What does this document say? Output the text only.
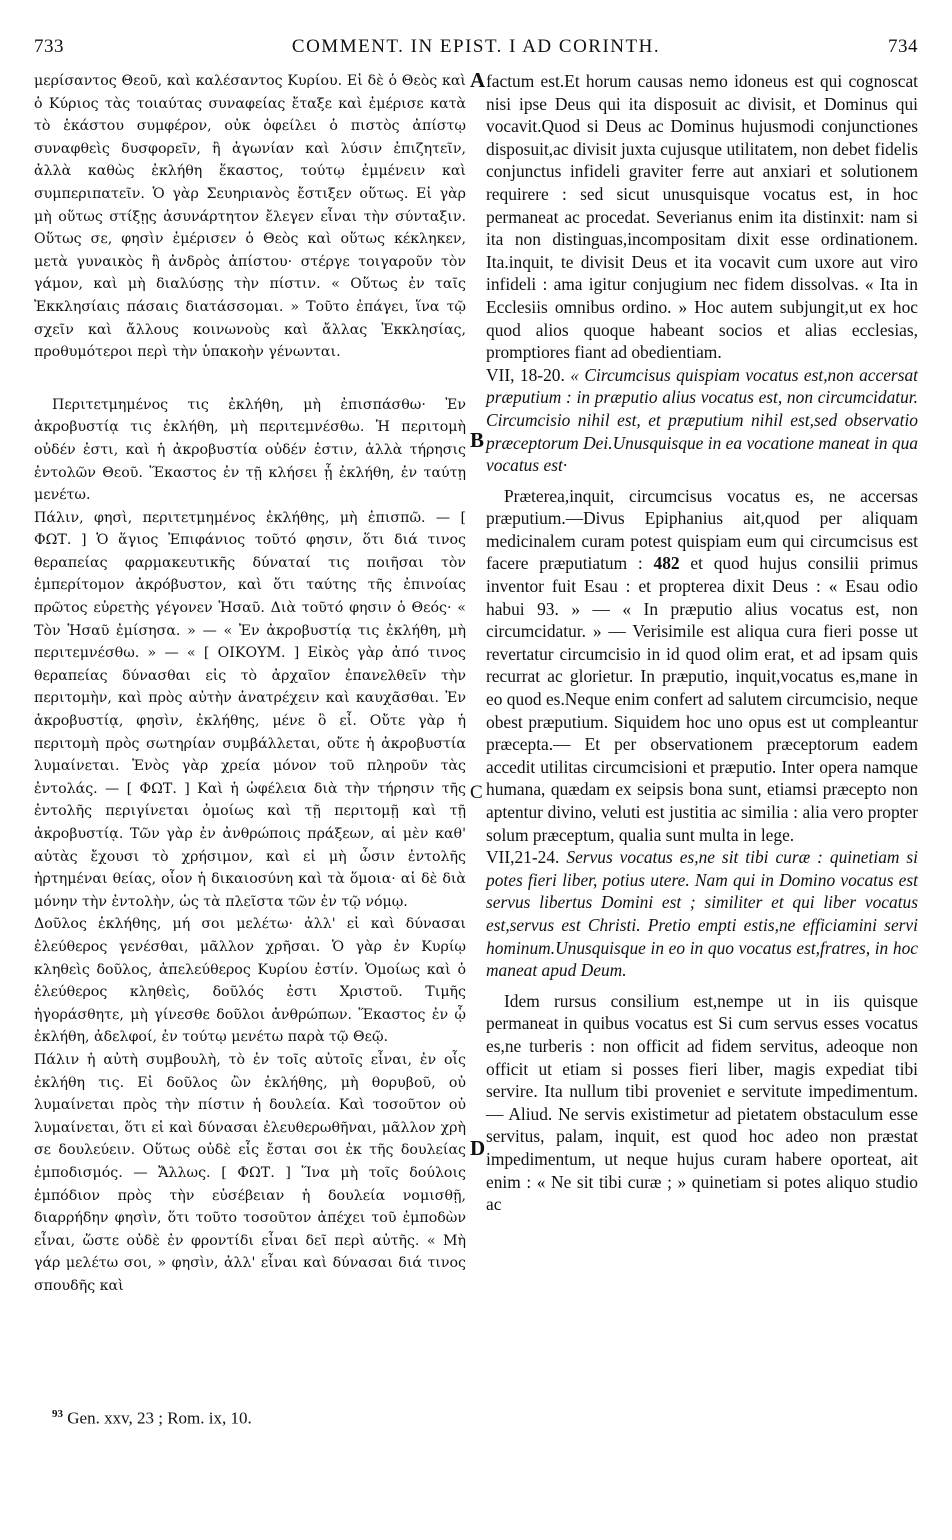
733	COMMENT. IN EPIST. I AD CORINTH.	734
A
B
C
D

μερίσαντος Θεοῦ, καὶ καλέσαντος Κυρίου. Εἰ δὲ ὁ Θεὸς καὶ ὁ Κύριος τὰς τοιαύτας συναφείας ἔταξε καὶ ἐμέρισε κατὰ τὸ ἑκάστου συμφέρον, οὐκ ὀφείλει ὁ πιστὸς ἀπίστῳ συναφθεὶς δυσφορεῖν, ἢ ἀγωνίαν καὶ λύσιν ἐπιζητεῖν, ἀλλὰ καθὼς ἐκλήθη ἕκαστος, τούτῳ ἐμμένειν καὶ συμπεριπατεῖν. Ὁ γὰρ Σευηριανὸς ἔστιξεν οὕτως. Εἰ γὰρ μὴ οὕτως στίξῃς ἀσυνάρτητον ἔλεγεν εἶναι τὴν σύνταξιν. Οὕτως σε, φησὶν ἐμέρισεν ὁ Θεὸς καὶ οὕτως κέκληκεν, μετὰ γυναικὸς ἢ ἀνδρὸς ἀπίστου· στέργε τοιγαροῦν τὸν γάμον, καὶ μὴ διαλύσῃς τὴν πίστιν. « Οὕτως ἐν ταῖς Ἐκκλησίαις πάσαις διατάσσομαι. » Τοῦτο ἐπάγει, ἵνα τῷ σχεῖν καὶ ἄλλους κοινωνοὺς καὶ ἄλλας Ἐκκλησίας, προθυμότεροι περὶ τὴν ὑπακοὴν γένωνται.

Περιτετμημένος τις ἐκλήθη, μὴ ἐπισπάσθω· Ἐν ἀκροβυστίᾳ τις ἐκλήθη, μὴ περιτεμνέσθω. Ἡ περιτομὴ οὐδέν ἐστι, καὶ ἡ ἀκροβυστία οὐδέν ἐστιν, ἀλλὰ τήρησις ἐντολῶν Θεοῦ. Ἕκαστος ἐν τῇ κλήσει ᾗ ἐκλήθη, ἐν ταύτῃ μενέτω.

Πάλιν, φησὶ, περιτετμημένος ἐκλήθης, μὴ ἐπισπῶ. — [ ΦΩΤ. ] Ὁ ἅγιος Ἐπιφάνιος τοῦτό φησιν, ὅτι διά τινος θεραπείας φαρμακευτικῆς δύναταί τις ποιῆσαι τὸν ἐμπερίτομον ἀκρόβυστον, καὶ ὅτι ταύτης τῆς ἐπινοίας πρῶτος εὑρετὴς γέγονεν Ἡσαῦ. Διὰ τοῦτό φησιν ὁ Θεός· « Τὸν Ἡσαῦ ἐμίσησα. » — « Ἐν ἀκροβυστίᾳ τις ἐκλήθη, μὴ περιτεμνέσθω. » — « [ ΟΙΚΟΥΜ. ] Εἰκὸς γὰρ ἀπό τινος θεραπείας δύνασθαι εἰς τὸ ἀρχαῖον ἐπανελθεῖν τὴν περιτομὴν, καὶ πρὸς αὐτὴν ἀνατρέχειν καὶ καυχᾶσθαι. Ἐν ἀκροβυστίᾳ, φησὶν, ἐκλήθης, μένε ὃ εἶ. Οὔτε γὰρ ἡ περιτομὴ πρὸς σωτηρίαν συμβάλλεται, οὔτε ἡ ἀκροβυστία λυμαίνεται. Ἑνὸς γὰρ χρεία μόνον τοῦ πληροῦν τὰς ἐντολάς. — [ ΦΩΤ. ] Καὶ ἡ ὠφέλεια διὰ τὴν τήρησιν τῆς ἐντολῆς περιγίνεται ὁμοίως καὶ τῇ περιτομῇ καὶ τῇ ἀκροβυστίᾳ. Τῶν γὰρ ἐν ἀνθρώποις πράξεων, αἱ μὲν καθ' αὑτὰς ἔχουσι τὸ χρήσιμον, καὶ εἰ μὴ ὦσιν ἐντολῆς ἠρτημέναι θείας, οἷον ἡ δικαιοσύνη καὶ τὰ ὅμοια· αἱ δὲ διὰ μόνην τὴν ἐντολὴν, ὡς τὰ πλεῖστα τῶν ἐν τῷ νόμῳ.

Δοῦλος ἐκλήθης, μή σοι μελέτω· ἀλλ' εἰ καὶ δύνασαι ἐλεύθερος γενέσθαι, μᾶλλον χρῆσαι. Ὁ γὰρ ἐν Κυρίῳ κληθεὶς δοῦλος, ἀπελεύθερος Κυρίου ἐστίν. Ὁμοίως καὶ ὁ ἐλεύθερος κληθεὶς, δοῦλός ἐστι Χριστοῦ. Τιμῆς ἠγοράσθητε, μὴ γίνεσθε δοῦλοι ἀνθρώπων. Ἕκαστος ἐν ᾧ ἐκλήθη, ἀδελφοί, ἐν τούτῳ μενέτω παρὰ τῷ Θεῷ.

Πάλιν ἡ αὐτὴ συμβουλὴ, τὸ ἐν τοῖς αὐτοῖς εἶναι, ἐν οἷς ἐκλήθη τις. Εἰ δοῦλος ὢν ἐκλήθης, μὴ θορυβοῦ, οὐ λυμαίνεται πρὸς τὴν πίστιν ἡ δουλεία. Καὶ τοσοῦτον οὐ λυμαίνεται, ὅτι εἰ καὶ δύνασαι ἐλευθερωθῆναι, μᾶλλον χρὴ σε δουλεύειν. Οὕτως οὐδὲ εἷς ἔσται σοι ἐκ τῆς δουλείας ἐμποδισμός. — Ἄλλως. [ ΦΩΤ. ] Ἵνα μὴ τοῖς δούλοις ἐμπόδιον πρὸς τὴν εὐσέβειαν ἡ δουλεία νομισθῇ, διαρρήδην φησὶν, ὅτι τοῦτο τοσοῦτον ἀπέχει τοῦ ἐμποδὼν εἶναι, ὥστε οὐδὲ ἐν φροντίδι εἶναι δεῖ περὶ αὐτῆς. « Μὴ γάρ μελέτω σοι, » φησὶν, ἀλλ' εἶναι καὶ δύνασαι διά τινος σπουδῆς καὶ

factum est.Et horum causas nemo idoneus est qui cognoscat nisi ipse Deus qui ita disposuit ac divisit, et Dominus qui vocavit.Quod si Deus ac Dominus hujusmodi conjunctiones disposuit,ac divisit juxta cujusque utilitatem, non debet fidelis conjunctus infideli graviter ferre aut anxiari et solutionem requirere : sed sicut unusquisque vocatus est, in hoc permaneat ac procedat. Severianus enim ita distinxit: nam si ita non distinguas,incompositam dixit esse ordinationem. Ita.inquit, te divisit Deus et ita vocavit cum uxore aut viro infideli : ama igitur conjugium nec fidem dissolvas. « Ita in Ecclesiis omnibus ordino. » Hoc autem subjungit,ut ex hoc quod alios quoque habeant socios et alias ecclesias, promptiores fiant ad obedientiam.

VII, 18-20. « Circumcisus quispiam vocatus est,non accersat præputium : in præputio alius vocatus est, non circumcidatur. Circumcisio nihil est, et præputium nihil est,sed observatio præceptorum Dei.Unusquisque in ea vocatione maneat in qua vocatus est·

Præterea,inquit, circumcisus vocatus es, ne accersas præputium.—Divus Epiphanius ait,quod per aliquam medicinalem curam potest quispiam eum qui circumcisus est facere præputiatum : 482 et quod hujus consilii primus inventor fuit Esau : et propterea dixit Deus : « Esau odio habui 93. » — « In præputio alius vocatus est, non circumcidatur. » — Verisimile est aliqua cura fieri posse ut revertatur circumcisio in id quod olim erat, et ad ipsam quis recurrat ac glorietur. In præputio, inquit,vocatus es,mane in eo quod es.Neque enim confert ad salutem circumcisio, neque obest præputium. Siquidem hoc uno opus est ut compleantur præcepta.— Et per observationem præceptorum eadem accedit utilitas circumcisioni et præputio. Inter opera namque humana, quædam ex seipsis bona sunt, etiamsi præcepto non aptentur divino, veluti est justitia ac similia : alia vero propter solum præceptum, qualia sunt multa in lege.

VII,21-24. Servus vocatus es,ne sit tibi curæ : quinetiam si potes fieri liber, potius utere. Nam qui in Domino vocatus est servus libertus Domini est ; similiter et qui liber vocatus est,servus est Christi. Pretio empti estis,ne efficiamini servi hominum.Unusquisque in eo in quo vocatus est,fratres, in hoc maneat apud Deum.

Idem rursus consilium est,nempe ut in iis quisque permaneat in quibus vocatus est Si cum servus esses vocatus es,ne turberis : non officit ad fidem servitus, adeoque non officit ut etiam si posses fieri liber, magis expediat tibi servire. Ita nullum tibi proveniet e servitute impedimentum. — Aliud. Ne servis existimetur ad pietatem obstaculum esse servitus, palam, inquit, est quod hoc adeo non præstat impedimentum, ut neque hujus curam habere oporteat, ait enim : « Ne sit tibi curæ ; » quinetiam si potes aliquo studio ac

$^{93}$ Gen. xxv, 23 ; Rom. ix, 10.
